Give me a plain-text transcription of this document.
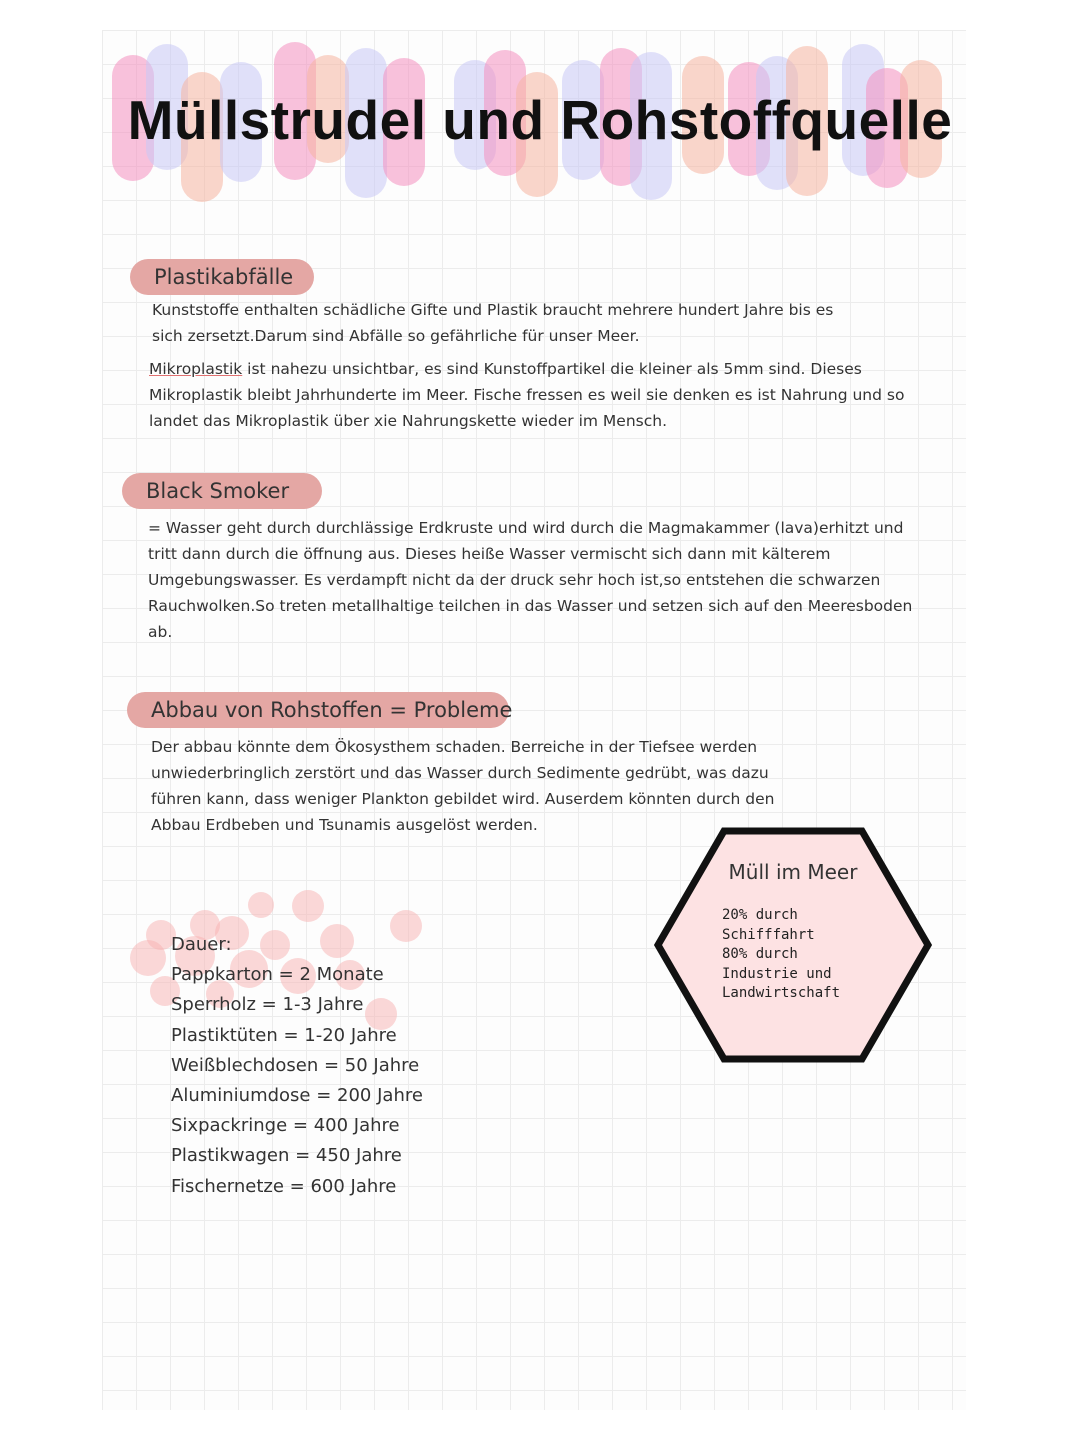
Müllstrudel und Rohstoffquelle
Plastikabfälle
Kunststoffe enthalten schädliche Gifte und Plastik braucht mehrere hundert Jahre bis es
sich zersetzt.Darum sind Abfälle so gefährliche für unser Meer.
Mikroplastik ist nahezu unsichtbar, es sind Kunstoffpartikel die kleiner als 5mm sind. Dieses
Mikroplastik bleibt Jahrhunderte im Meer. Fische fressen es weil sie denken es ist Nahrung und so
landet das Mikroplastik über xie Nahrungskette wieder im Mensch.
Black Smoker
= Wasser geht durch durchlässige Erdkruste und wird durch die Magmakammer (lava)erhitzt und
tritt dann durch die öffnung aus. Dieses heiße Wasser vermischt sich dann mit kälterem
Umgebungswasser. Es verdampft nicht da der druck sehr hoch ist,so entstehen die schwarzen
Rauchwolken.So treten metallhaltige teilchen in das Wasser und setzen sich auf den Meeresboden
ab.
Abbau von Rohstoffen = Probleme
Der abbau könnte dem Ökosysthem schaden. Berreiche in der Tiefsee werden
unwiederbringlich zerstört und das Wasser durch Sedimente gedrübt, was dazu
führen kann, dass weniger Plankton gebildet wird. Auserdem könnten durch den
Abbau Erdbeben und Tsunamis ausgelöst werden.
Dauer:
Pappkarton = 2 Monate
Sperrholz = 1-3 Jahre
Plastiktüten = 1-20 Jahre
Weißblechdosen = 50 Jahre
Aluminiumdose = 200 Jahre
Sixpackringe = 400 Jahre
Plastikwagen = 450 Jahre
Fischernetze = 600 Jahre
Müll im Meer
20% durch
Schifffahrt
80% durch
Industrie und
Landwirtschaft
